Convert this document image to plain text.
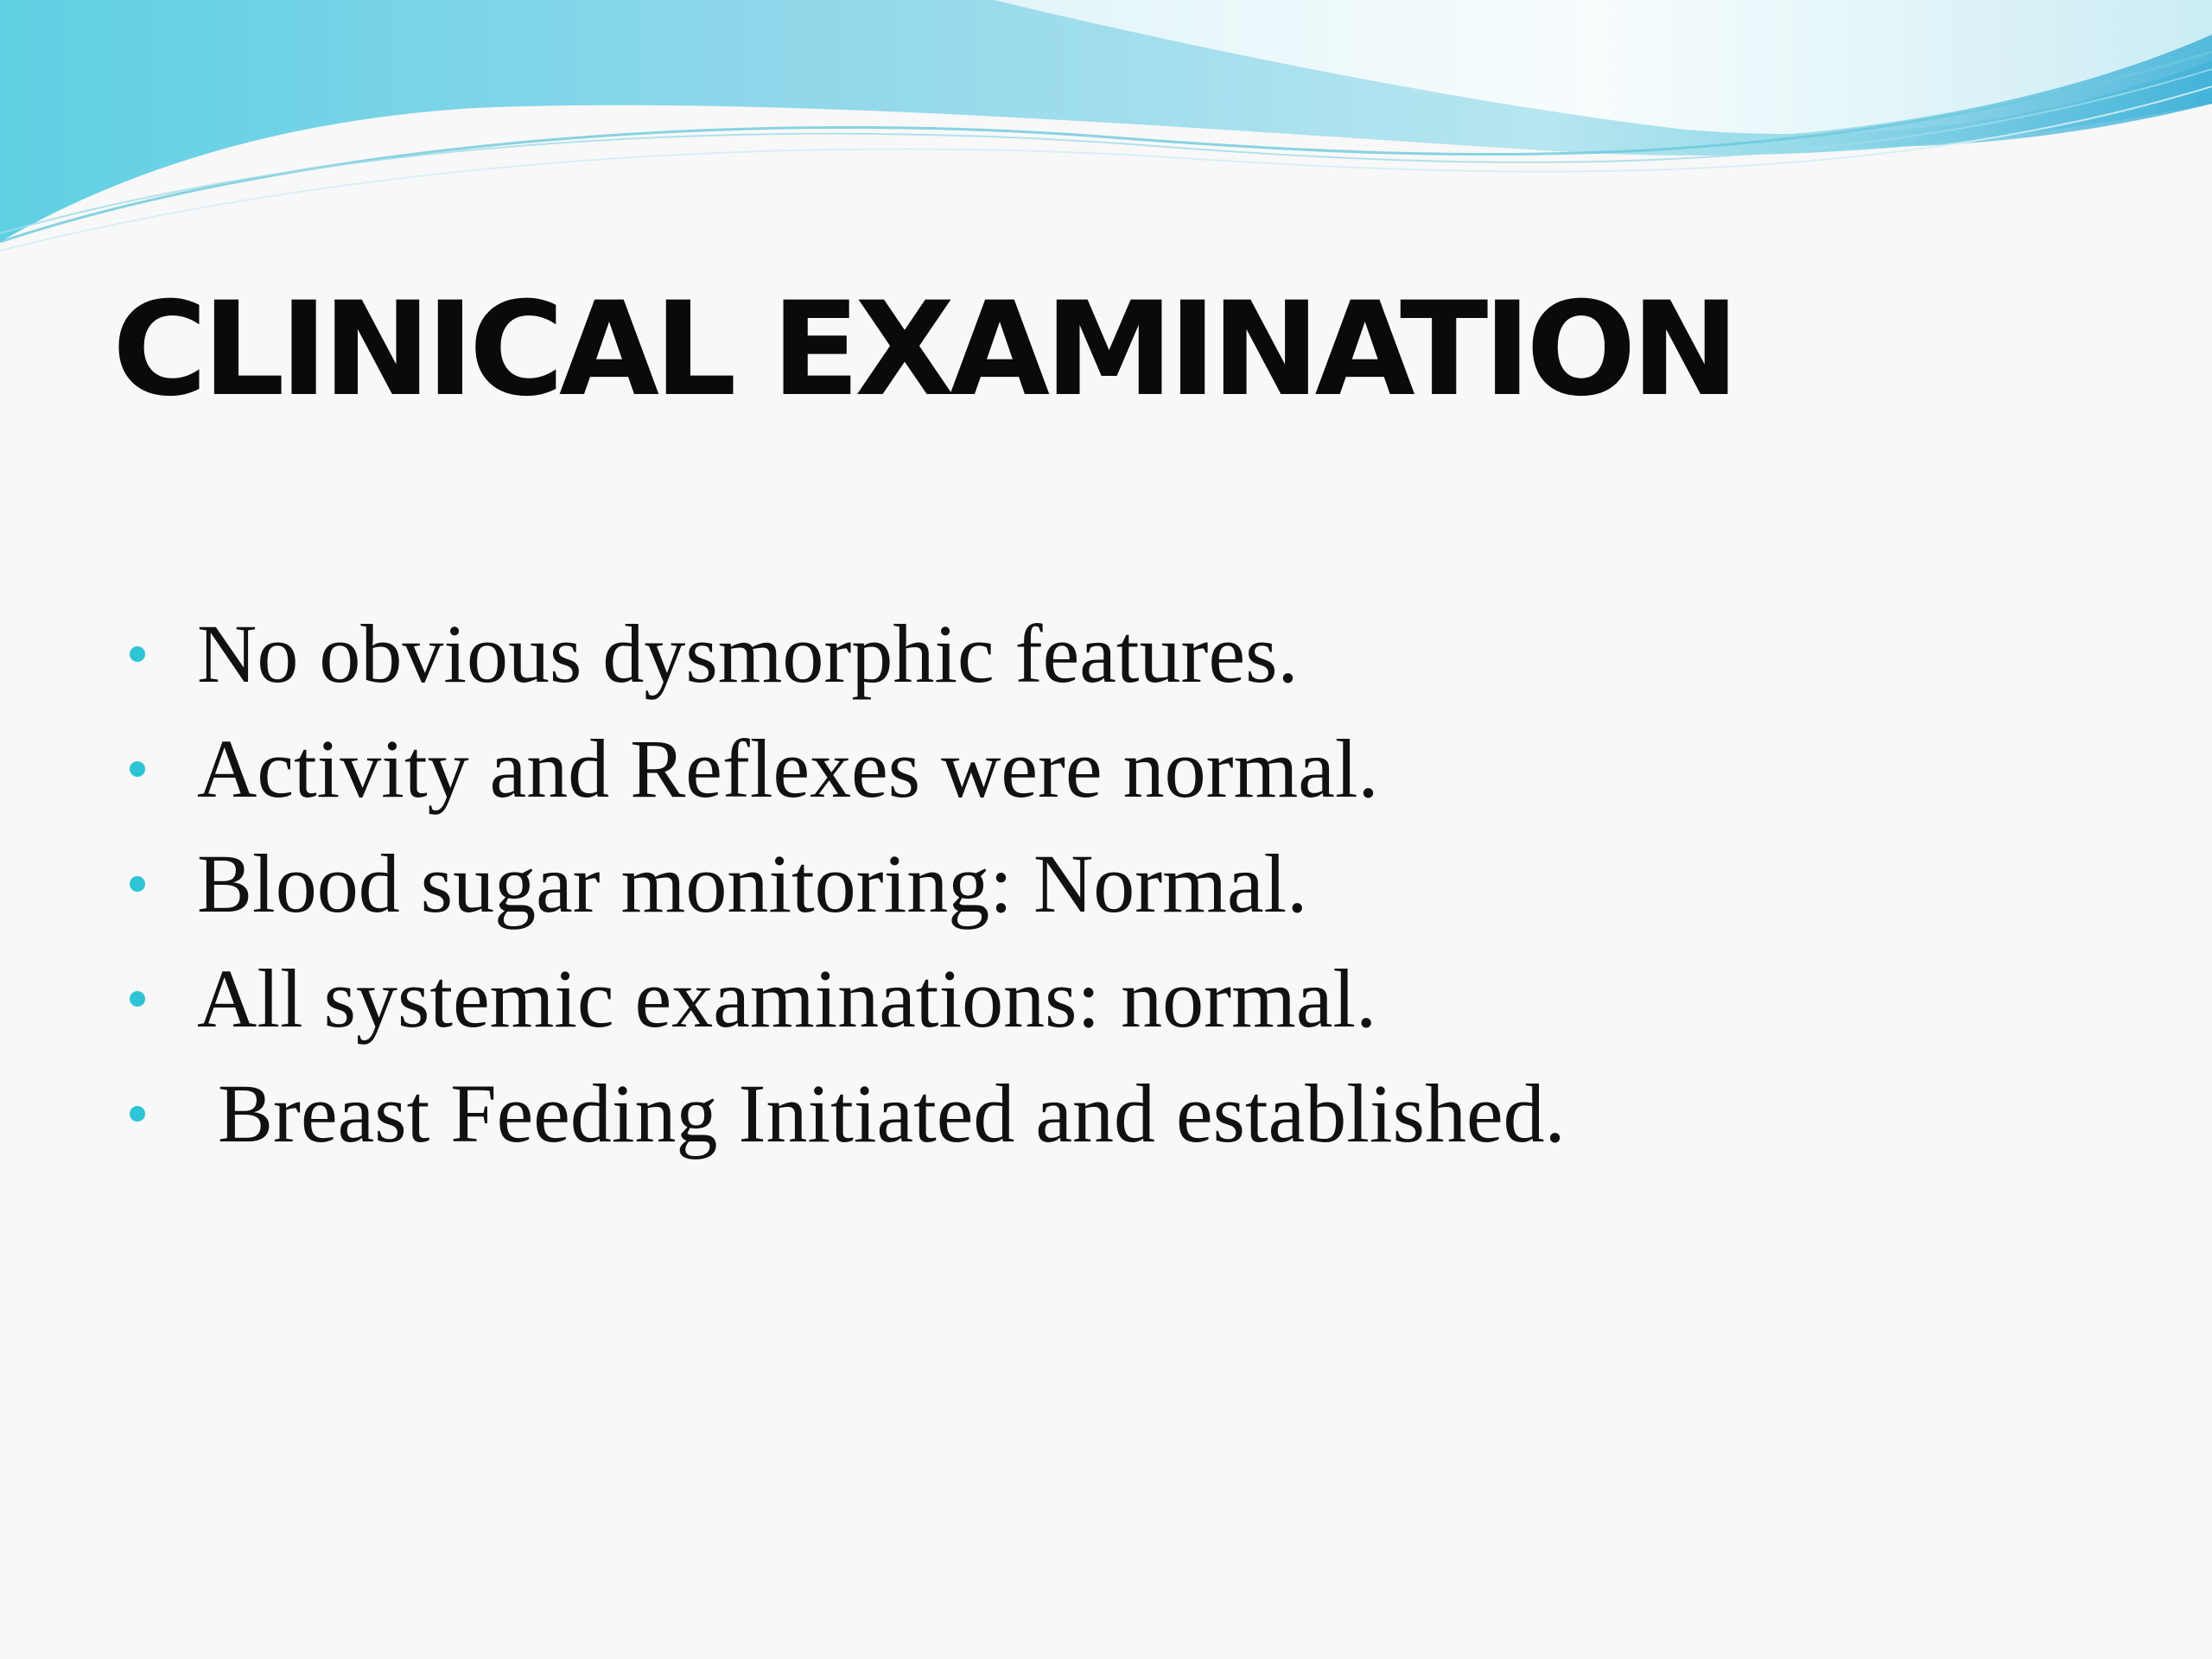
CLINICAL EXAMINATION
No obvious dysmorphic features.
Activity and Reflexes were normal.
Blood sugar monitoring: Normal.
All systemic examinations: normal.
Breast Feeding Initiated and established.
